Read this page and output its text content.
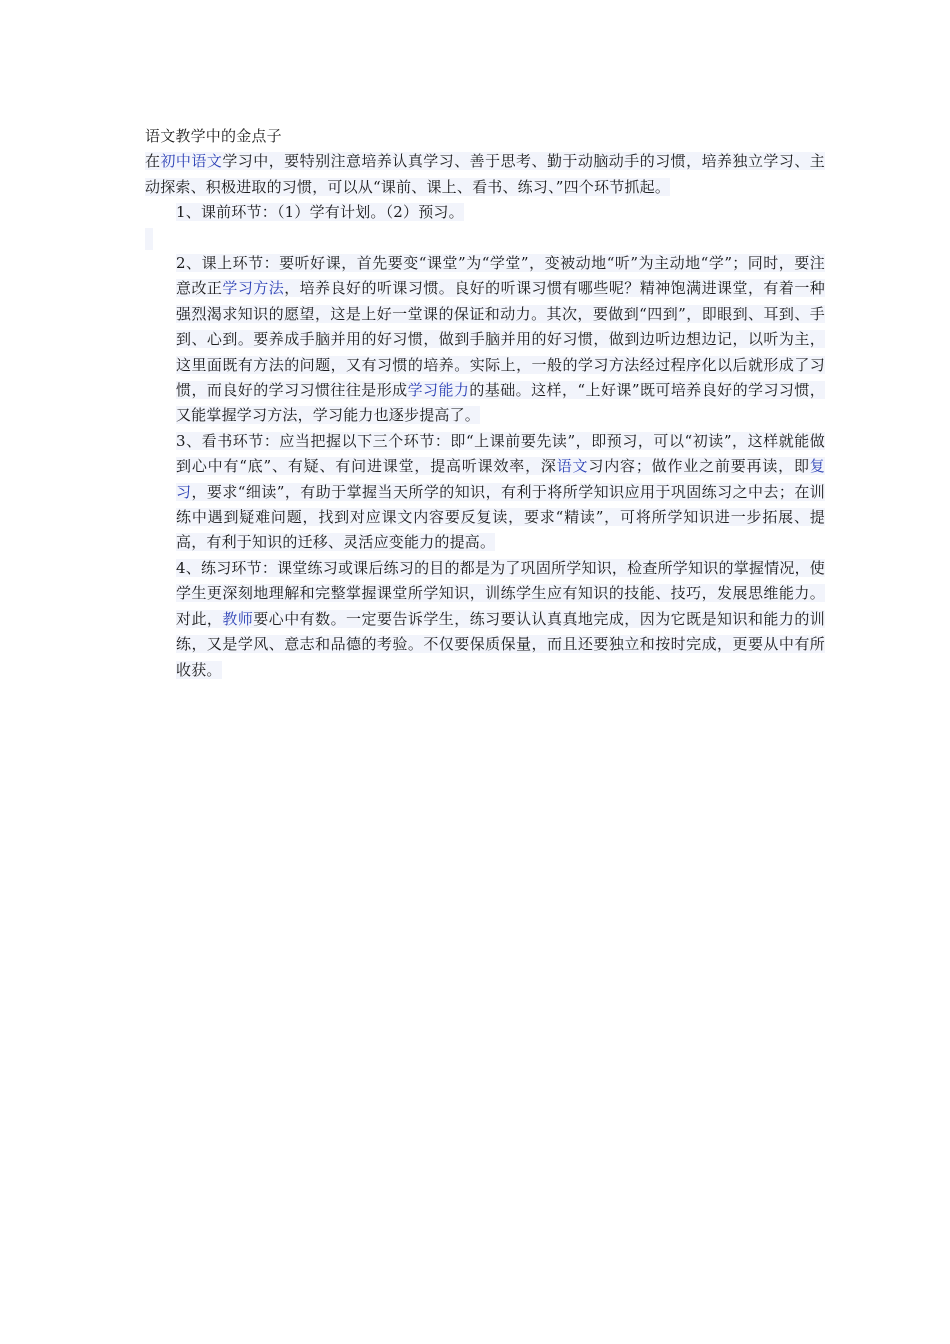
语文教学中的金点子

在初中语文学习中，要特别注意培养认真学习、善于思考、勤于动脑动手的习惯，培养独立学习、主动探索、积极进取的习惯，可以从“课前、课上、看书、练习、”四个环节抓起。

1、课前环节：（1）学有计划。（2）预习。

2、课上环节：要听好课，首先要变“课堂”为“学堂”，变被动地“听”为主动地“学”；同时，要注意改正学习方法，培养良好的听课习惯。良好的听课习惯有哪些呢？精神饱满进课堂，有着一种强烈渴求知识的愿望，这是上好一堂课的保证和动力。其次，要做到“四到”，即眼到、耳到、手到、心到。要养成手脑并用的好习惯，做到手脑并用的好习惯，做到边听边想边记，以听为主，这里面既有方法的问题，又有习惯的培养。实际上，一般的学习方法经过程序化以后就形成了习惯，而良好的学习习惯往往是形成学习能力的基础。这样，“上好课”既可培养良好的学习习惯，又能掌握学习方法，学习能力也逐步提高了。

3、看书环节：应当把握以下三个环节：即“上课前要先读”，即预习，可以“初读”，这样就能做到心中有“底”、有疑、有问进课堂，提高听课效率，深语文习内容；做作业之前要再读，即复习，要求“细读”，有助于掌握当天所学的知识，有利于将所学知识应用于巩固练习之中去；在训练中遇到疑难问题，找到对应课文内容要反复读，要求“精读”，可将所学知识进一步拓展、提高，有利于知识的迁移、灵活应变能力的提高。

4、练习环节：课堂练习或课后练习的目的都是为了巩固所学知识，检查所学知识的掌握情况，使学生更深刻地理解和完整掌握课堂所学知识，训练学生应有知识的技能、技巧，发展思维能力。对此，教师要心中有数。一定要告诉学生，练习要认认真真地完成，因为它既是知识和能力的训练，又是学风、意志和品德的考验。不仅要保质保量，而且还要独立和按时完成，更要从中有所收获。
